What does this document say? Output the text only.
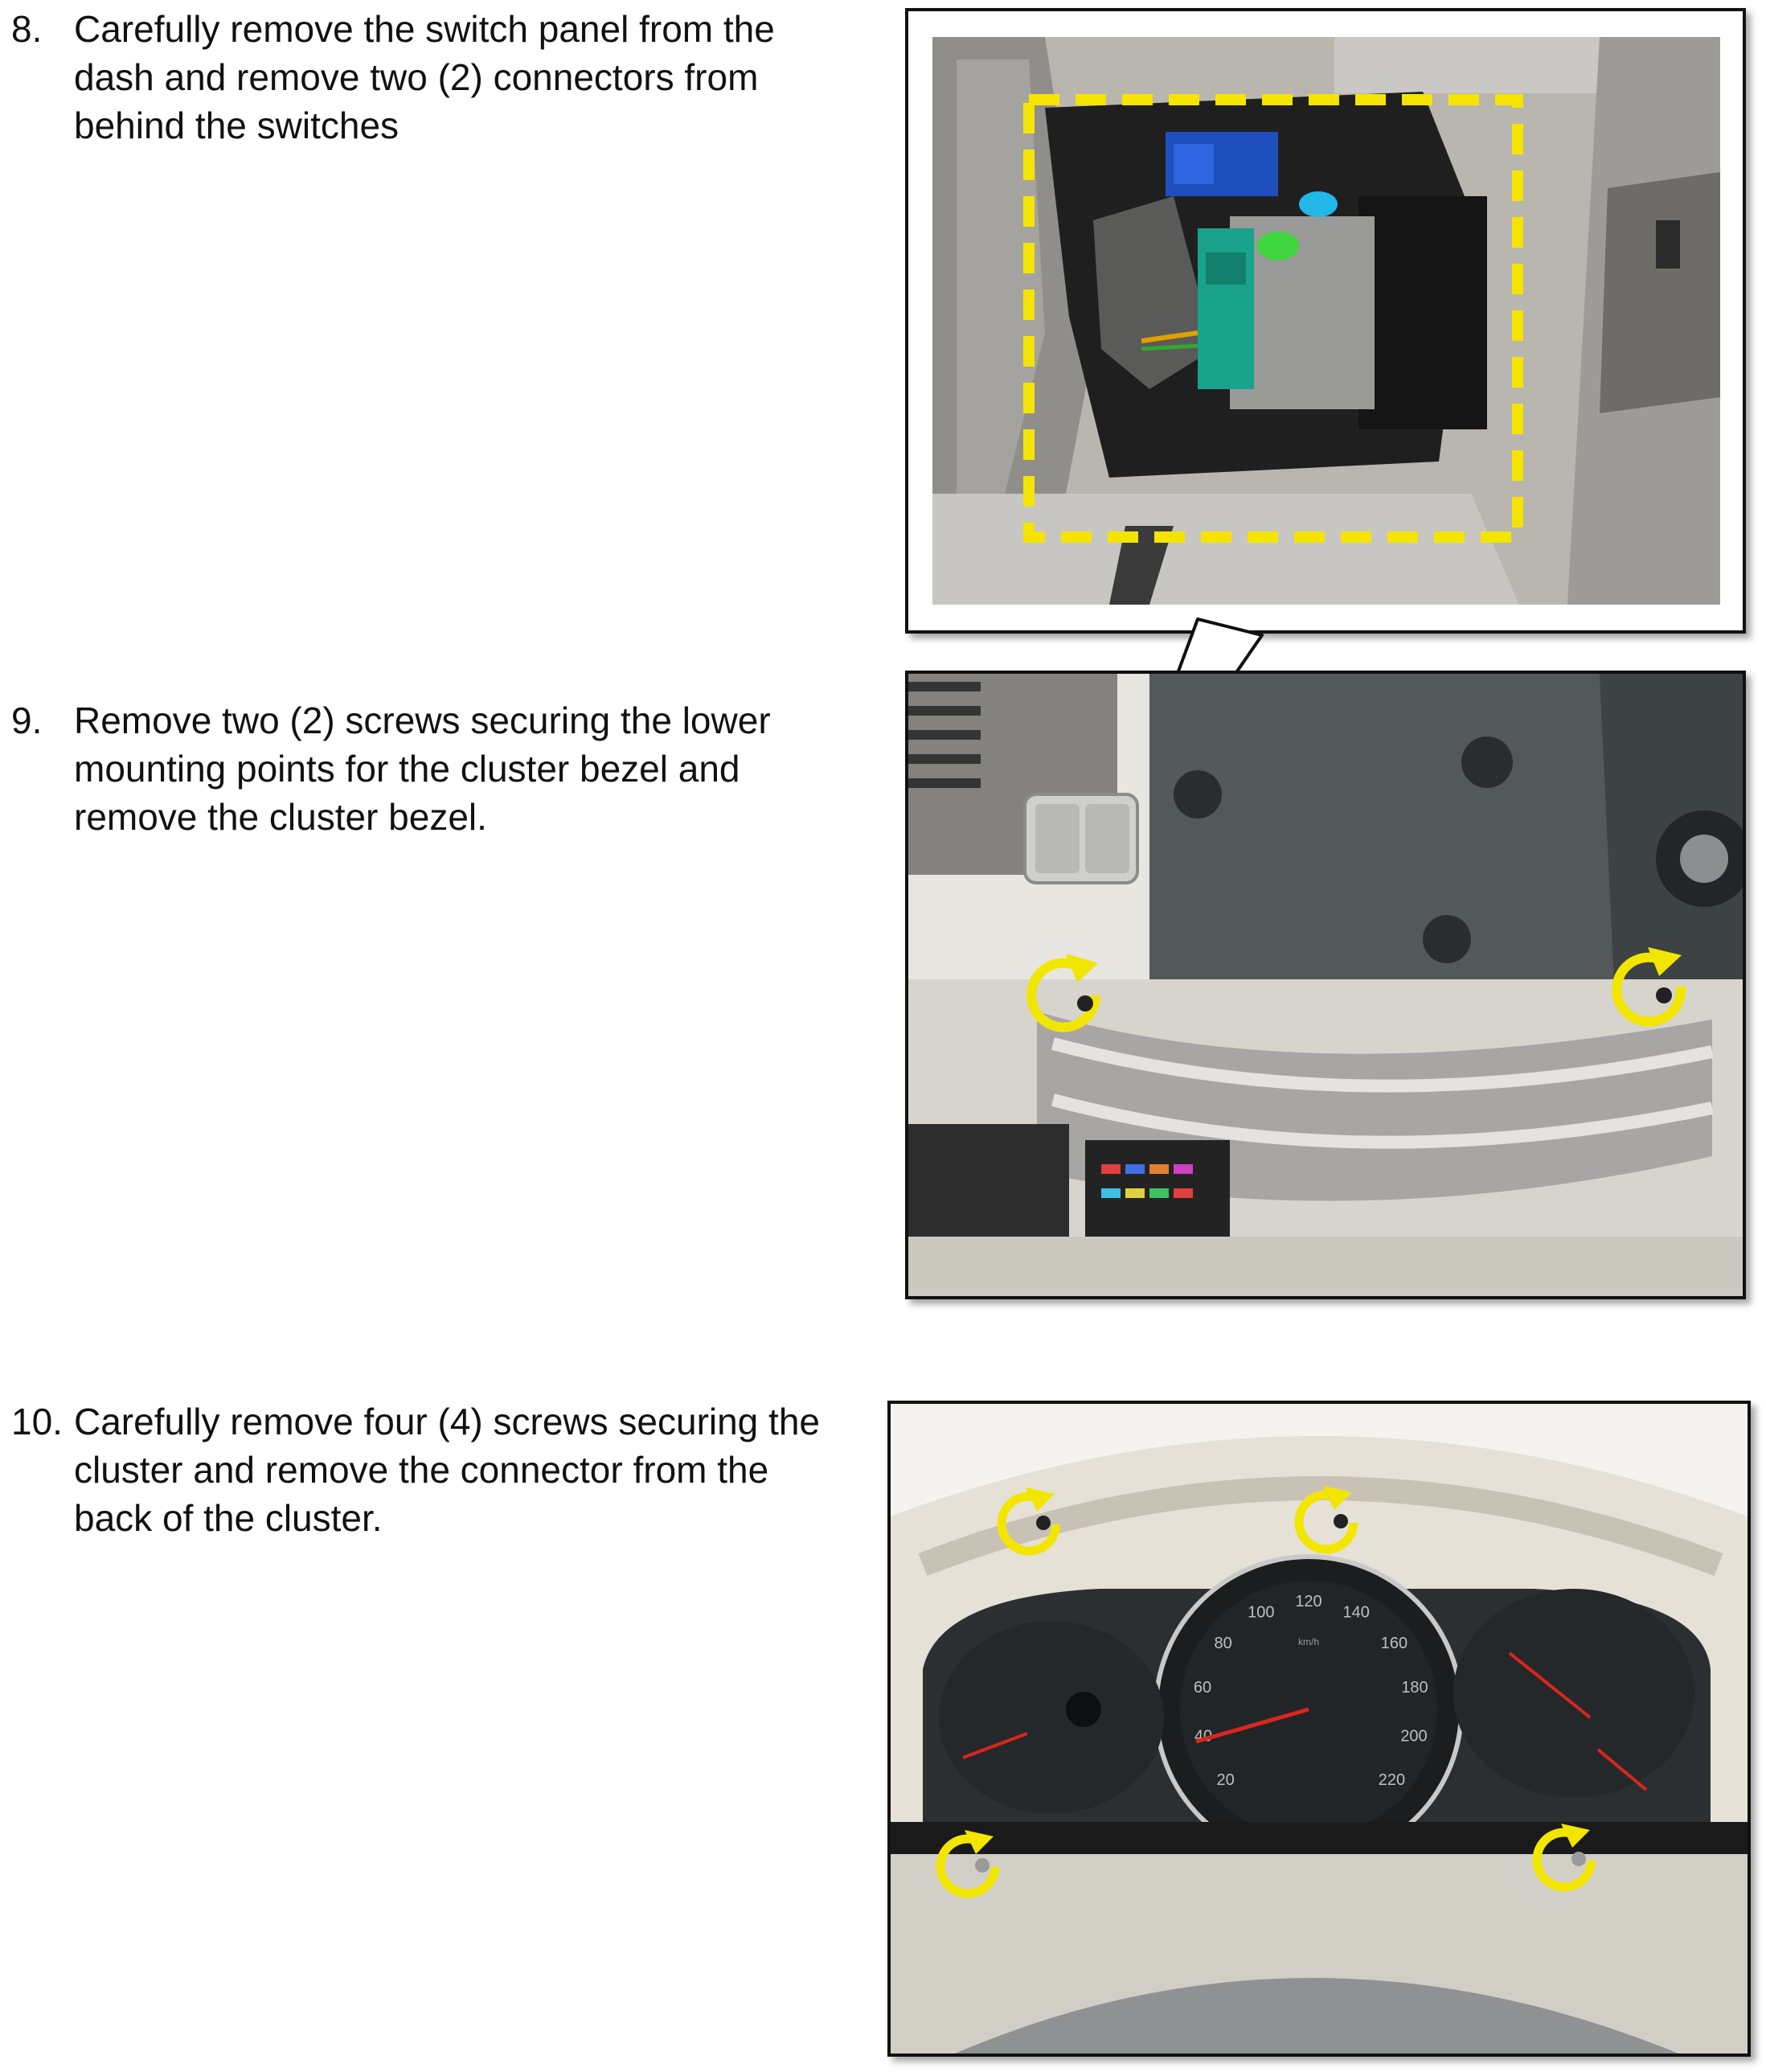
8. Carefully remove the switch panel from the dash and remove two (2) connectors from behind the switches
9. Remove two (2) screws securing the lower mounting points for the cluster bezel and remove the cluster bezel.
10. Carefully remove four (4) screws securing the cluster and remove the connector from the back of the cluster.
20
40
60
80
100
120
140
160
180
200
220
km/h
